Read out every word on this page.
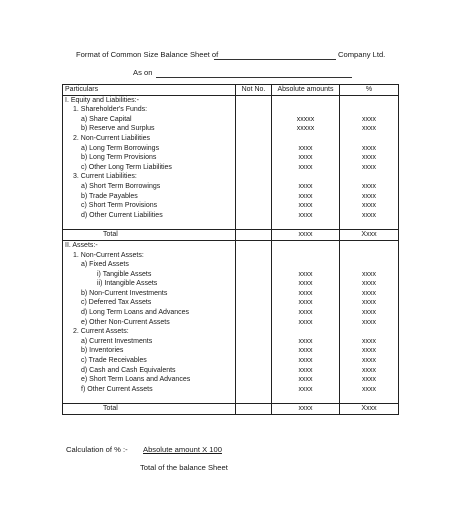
Format of Common Size Balance Sheet of	Company Ltd.
As on
Particulars	Not No.	Absolute amounts	%
I. Equity and Liabilities:-			
1. Shareholder's Funds:			
a) Share Capital		xxxxx	xxxx
b) Reserve and Surplus		xxxxx	xxxx
2. Non-Current Liabilities			
a) Long Term Borrowings		xxxx	xxxx
b) Long Term Provisions		xxxx	xxxx
c) Other Long Term Liabilities		xxxx	xxxx
3. Current Liabilities:			
a) Short Term Borrowings		xxxx	xxxx
b) Trade Payables		xxxx	xxxx
c) Short Term Provisions		xxxx	xxxx
d) Other Current Liabilities		xxxx	xxxx

Total		xxxx	Xxxx
II. Assets:-			
1. Non-Current Assets:			
a) Fixed Assets			
i) Tangible Assets		xxxx	xxxx
ii) Intangible Assets		xxxx	xxxx
b) Non-Current Investments		xxxx	xxxx
c) Deferred Tax Assets		xxxx	xxxx
d) Long Term Loans and Advances		xxxx	xxxx
e) Other Non-Current Assets		xxxx	xxxx
2. Current Assets:			
a) Current Investments		xxxx	xxxx
b) Inventories		xxxx	xxxx
c) Trade Receivables		xxxx	xxxx
d) Cash and Cash Equivalents		xxxx	xxxx
e) Short Term Loans and Advances		xxxx	xxxx
f) Other Current Assets		xxxx	xxxx

Total		xxxx	Xxxx
Calculation of % :- Absolute amount X 100
Total of the balance Sheet
